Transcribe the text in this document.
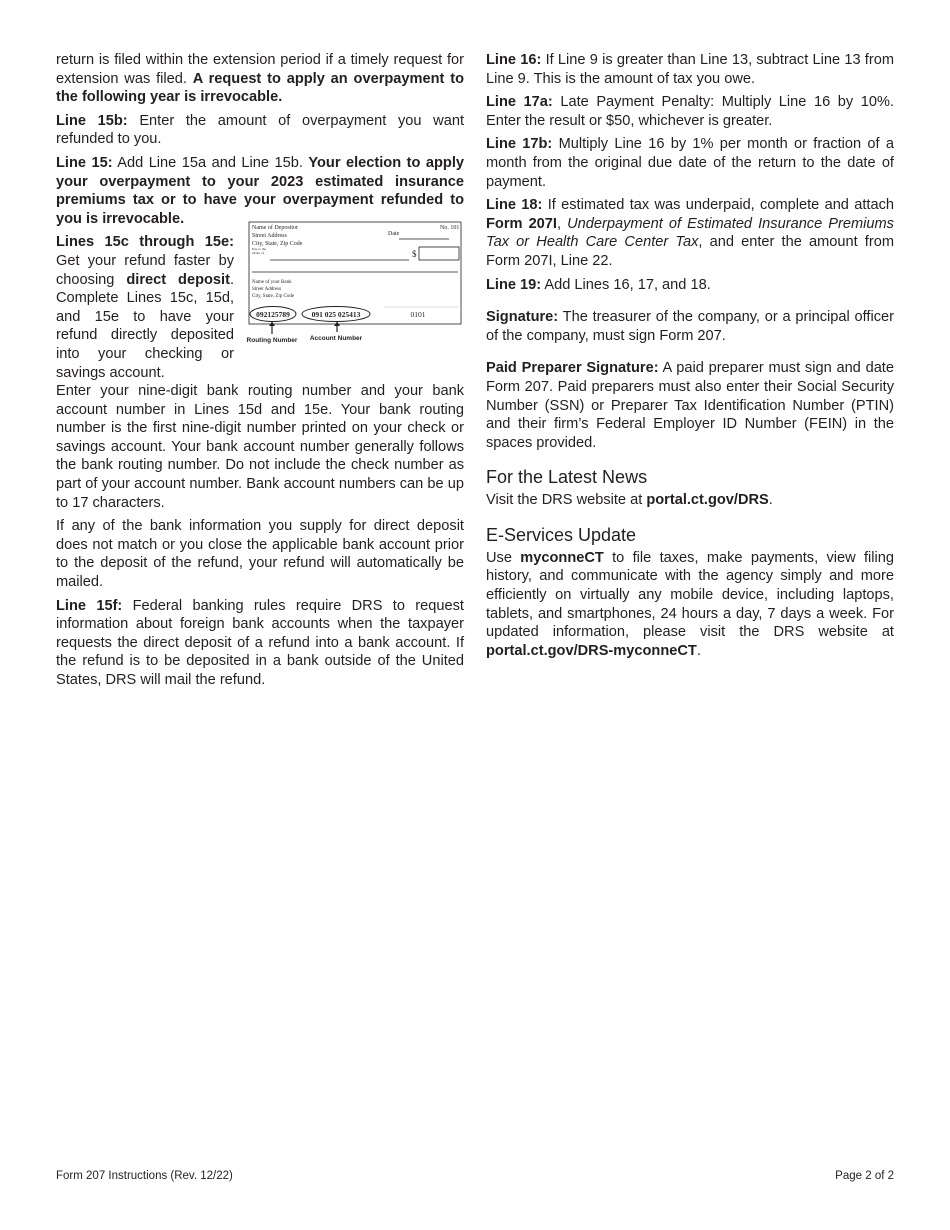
return is filed within the extension period if a timely request for extension was filed. A request to apply an overpayment to the following year is irrevocable.

Line 15b: Enter the amount of overpayment you want refunded to you.

Line 15: Add Line 15a and Line 15b. Your election to apply your overpayment to your 2023 estimated insurance premiums tax or to have your overpayment refunded to you is irrevocable.

Lines 15c through 15e: Get your refund faster by choosing direct deposit. Complete Lines 15c, 15d, and 15e to have your refund directly deposited into your checking or savings account.

Name of Depositor	No. 101
Street Address	Date
City, State, Zip Code
Pay to the
Order of	$
Name of your Bank
Street Address
City, State, Zip Code
092125789	091 025 025413	0101
Routing Number Account Number

Enter your nine-digit bank routing number and your bank account number in Lines 15d and 15e. Your bank routing number is the first nine-digit number printed on your check or savings account. Your bank account number generally follows the bank routing number. Do not include the check number as part of your account number. Bank account numbers can be up to 17 characters.

If any of the bank information you supply for direct deposit does not match or you close the applicable bank account prior to the deposit of the refund, your refund will automatically be mailed.

Line 15f: Federal banking rules require DRS to request information about foreign bank accounts when the taxpayer requests the direct deposit of a refund into a bank account. If the refund is to be deposited in a bank outside of the United States, DRS will mail the refund.

Line 16: If Line 9 is greater than Line 13, subtract Line 13 from Line 9. This is the amount of tax you owe.

Line 17a: Late Payment Penalty: Multiply Line 16 by 10%. Enter the result or $50, whichever is greater.

Line 17b: Multiply Line 16 by 1% per month or fraction of a month from the original due date of the return to the date of payment.

Line 18: If estimated tax was underpaid, complete and attach Form 207I, Underpayment of Estimated Insurance Premiums Tax or Health Care Center Tax, and enter the amount from Form 207I, Line 22.

Line 19: Add Lines 16, 17, and 18.

Signature: The treasurer of the company, or a principal officer of the company, must sign Form 207.

Paid Preparer Signature: A paid preparer must sign and date Form 207. Paid preparers must also enter their Social Security Number (SSN) or Preparer Tax Identification Number (PTIN) and their firm’s Federal Employer ID Number (FEIN) in the spaces provided.

For the Latest News

Visit the DRS website at portal.ct.gov/DRS.

E-Services Update

Use myconneCT to file taxes, make payments, view filing history, and communicate with the agency simply and more efficiently on virtually any mobile device, including laptops, tablets, and smartphones, 24 hours a day, 7 days a week. For updated information, please visit the DRS website at portal.ct.gov/DRS-myconneCT.

Form 207 Instructions (Rev. 12/22)	Page 2 of 2
